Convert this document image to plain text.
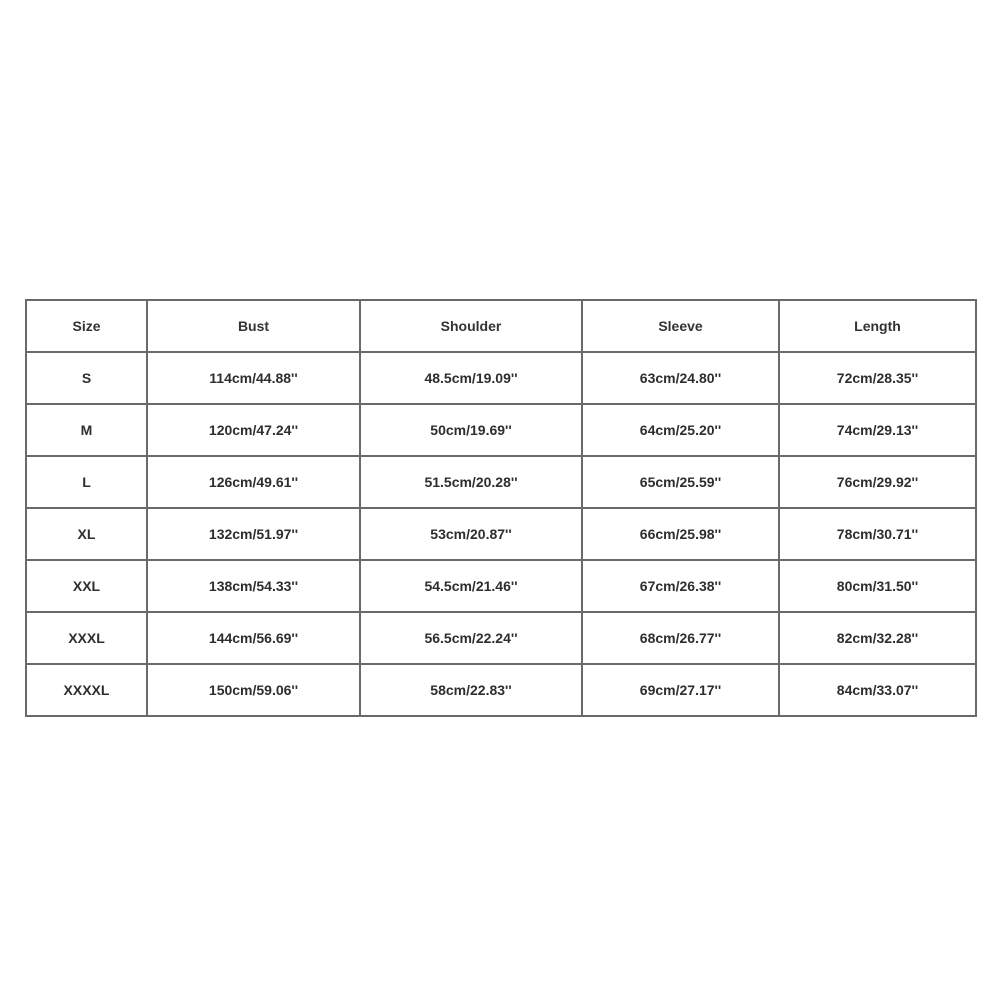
Size	Bust	Shoulder	Sleeve	Length
S	114cm/44.88''	48.5cm/19.09''	63cm/24.80''	72cm/28.35''
M	120cm/47.24''	50cm/19.69''	64cm/25.20''	74cm/29.13''
L	126cm/49.61''	51.5cm/20.28''	65cm/25.59''	76cm/29.92''
XL	132cm/51.97''	53cm/20.87''	66cm/25.98''	78cm/30.71''
XXL	138cm/54.33''	54.5cm/21.46''	67cm/26.38''	80cm/31.50''
XXXL	144cm/56.69''	56.5cm/22.24''	68cm/26.77''	82cm/32.28''
XXXXL	150cm/59.06''	58cm/22.83''	69cm/27.17''	84cm/33.07''
